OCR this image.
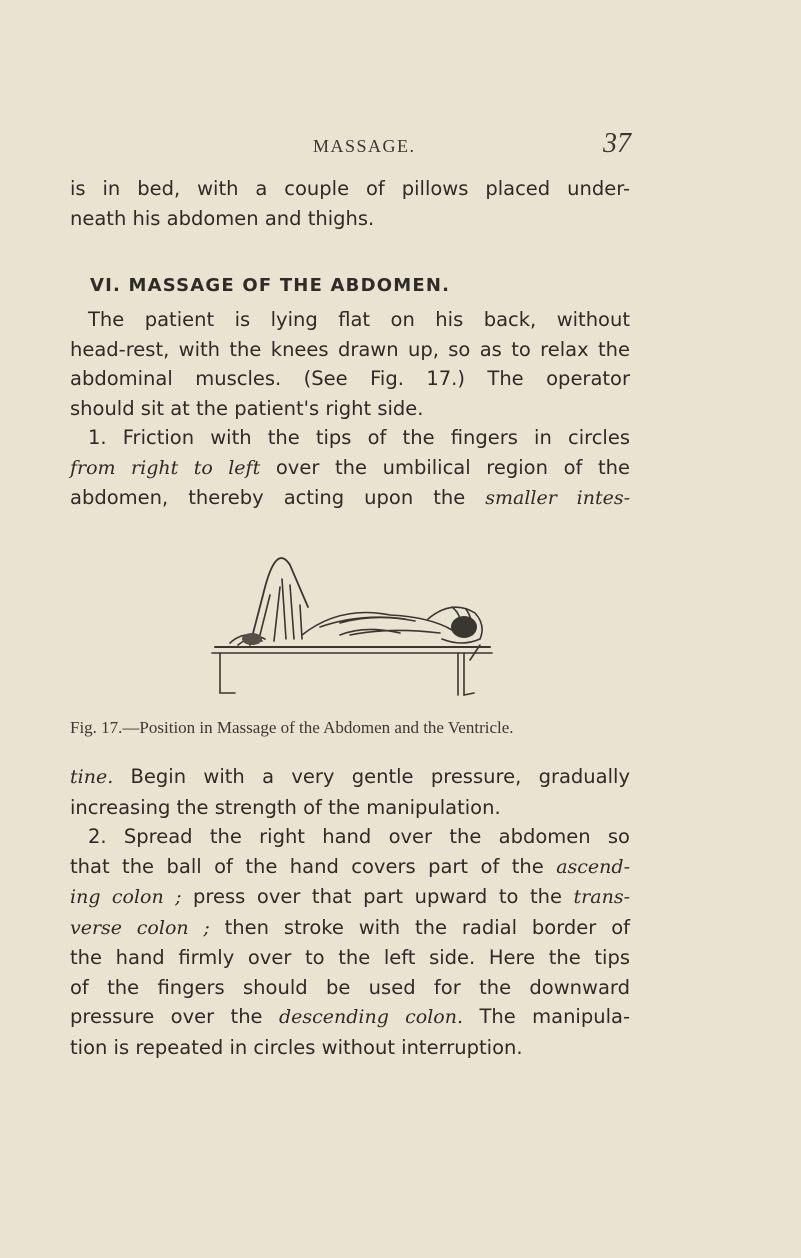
MASSAGE.	37
is in bed, with a couple of pillows placed under-
neath his abdomen and thighs.
VI. MASSAGE OF THE ABDOMEN.
The patient is lying flat on his back, without
head-rest, with the knees drawn up, so as to relax the
abdominal muscles. (See Fig. 17.) The operator
should sit at the patient's right side.
1. Friction with the tips of the fingers in circles
from right to left over the umbilical region of the
abdomen, thereby acting upon the smaller intes-
Fig. 17.—Position in Massage of the Abdomen and the Ventricle.
tine. Begin with a very gentle pressure, gradually
increasing the strength of the manipulation.
2. Spread the right hand over the abdomen so
that the ball of the hand covers part of the ascend-
ing colon ; press over that part upward to the trans-
verse colon ; then stroke with the radial border of
the hand firmly over to the left side. Here the tips
of the fingers should be used for the downward
pressure over the descending colon. The manipula-
tion is repeated in circles without interruption.
